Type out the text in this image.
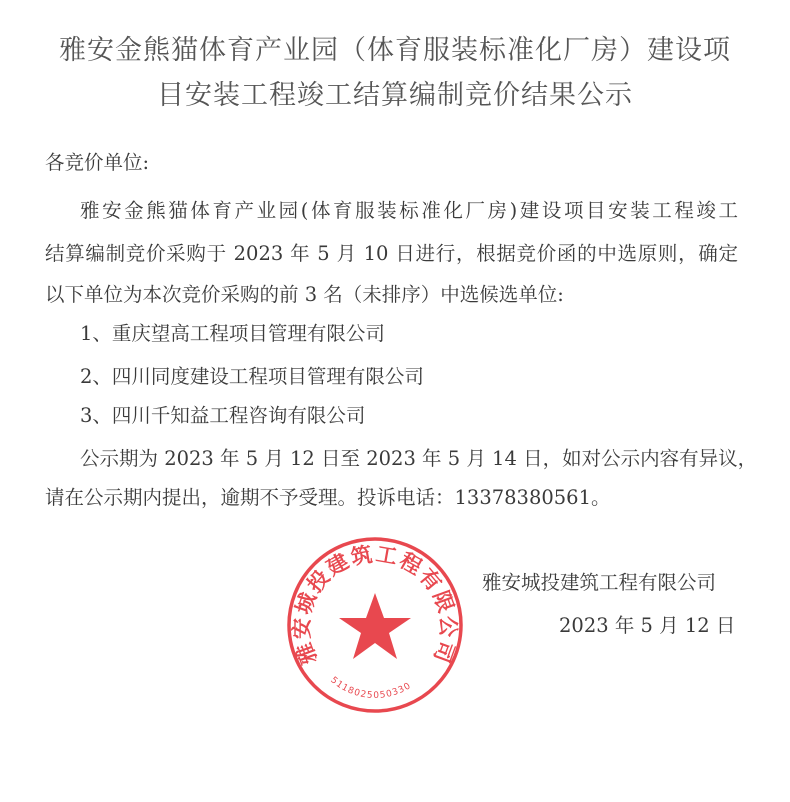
雅安金熊猫体育产业园（体育服装标准化厂房）建设项
目安装工程竣工结算编制竞价结果公示
各竞价单位:
雅安金熊猫体育产业园(体育服装标准化厂房)建设项目安装工程竣工
结算编制竞价采购于 2023 年 5 月 10 日进行，根据竞价函的中选原则，确定
以下单位为本次竞价采购的前 3 名（未排序）中选候选单位:
1、重庆望高工程项目管理有限公司
2、四川同度建设工程项目管理有限公司
3、四川千知益工程咨询有限公司
公示期为 2023 年 5 月 12 日至 2023 年 5 月 14 日，如对公示内容有异议，
请在公示期内提出，逾期不予受理。投诉电话：13378380561。
雅安城投建筑工程有限公司
5118025050330
雅安城投建筑工程有限公司
2023 年 5 月 12 日
